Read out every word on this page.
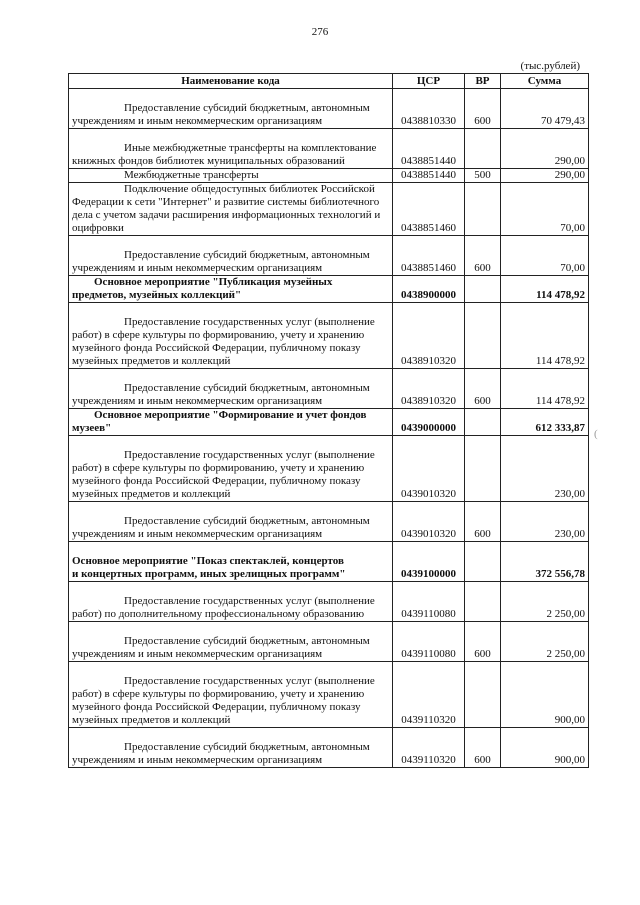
276
(тыс.рублей)
(
Наименование кода	ЦСР	ВР	Сумма

Предоставление субсидий бюджетным, автономным
учреждениям и иным некоммерческим организациям	0438810330	600	70 479,43

Иные межбюджетные трансферты на комплектование
книжных фондов библиотек муниципальных образований	0438851440		290,00

Межбюджетные трансферты	0438851440	500	290,00

Подключение общедоступных библиотек Российской
Федерации к сети "Интернет" и развитие системы библиотечного дела с учетом задачи расширения информационных технологий и оцифровки	0438851460		70,00

Предоставление субсидий бюджетным, автономным
учреждениям и иным некоммерческим организациям	0438851460	600	70,00
Основное мероприятие "Публикация музейных
предметов, музейных коллекций"	0438900000		114 478,92

Предоставление государственных услуг (выполнение
работ) в сфере культуры по формированию, учету и хранению музейного фонда Российской Федерации, публичному показу музейных предметов и коллекций	0438910320		114 478,92

Предоставление субсидий бюджетным, автономным
учреждениям и иным некоммерческим организациям	0438910320	600	114 478,92
Основное мероприятие "Формирование и учет фондов
музеев"	0439000000		612 333,87

Предоставление государственных услуг (выполнение
работ) в сфере культуры по формированию, учету и хранению музейного фонда Российской Федерации, публичному показу музейных предметов и коллекций	0439010320		230,00

Предоставление субсидий бюджетным, автономным
учреждениям и иным некоммерческим организациям	0439010320	600	230,00

Основное мероприятие "Показ спектаклей, концертов
и концертных программ, иных зрелищных программ"	0439100000		372 556,78

Предоставление государственных услуг (выполнение
работ) по дополнительному профессиональному образованию	0439110080		2 250,00

Предоставление субсидий бюджетным, автономным
учреждениям и иным некоммерческим организациям	0439110080	600	2 250,00

Предоставление государственных услуг (выполнение
работ) в сфере культуры по формированию, учету и хранению музейного фонда Российской Федерации, публичному показу музейных предметов и коллекций	0439110320		900,00

Предоставление субсидий бюджетным, автономным
учреждениям и иным некоммерческим организациям	0439110320	600	900,00
